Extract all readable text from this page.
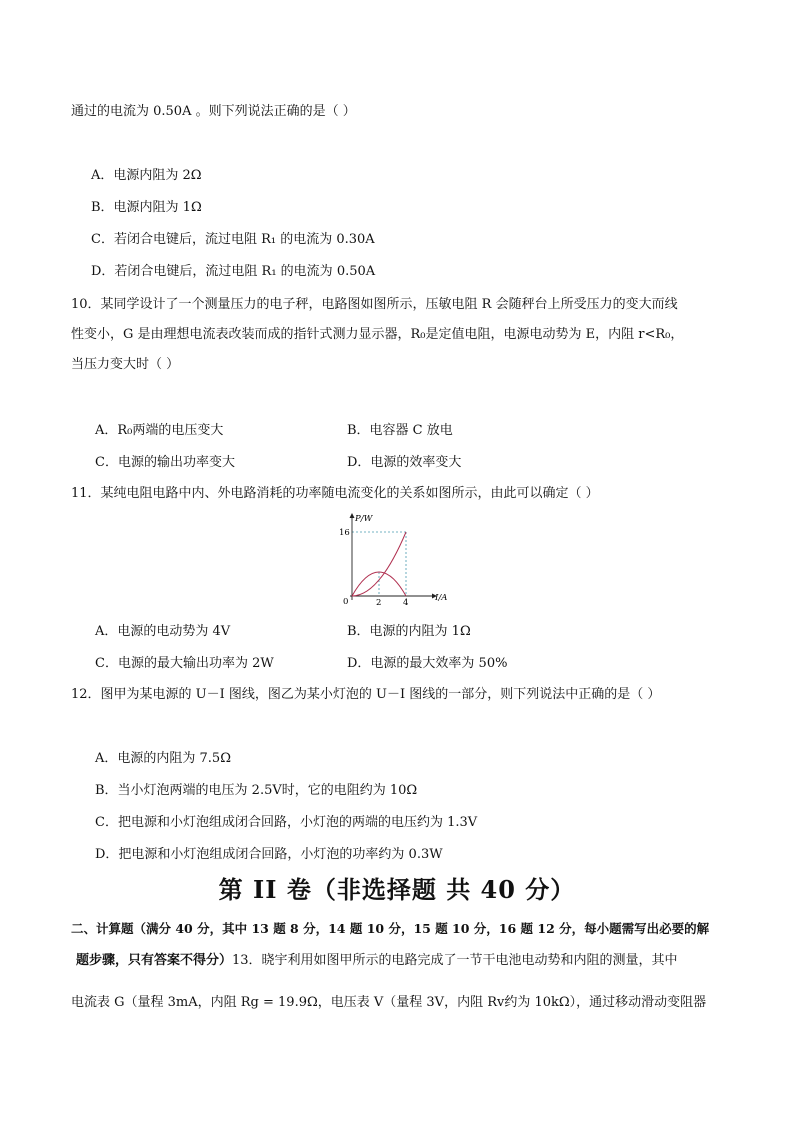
通过的电流为 0.50A 。则下列说法正确的是（ ）
A．电源内阻为 2Ω
B．电源内阻为 1Ω
C．若闭合电键后，流过电阻 R₁ 的电流为 0.30A
D．若闭合电键后，流过电阻 R₁ 的电流为 0.50A
10．某同学设计了一个测量压力的电子秤，电路图如图所示，压敏电阻 R 会随秤台上所受压力的变大而线
性变小，G 是由理想电流表改装而成的指针式测力显示器，R₀是定值电阻，电源电动势为 E，内阻 r<R₀，
当压力变大时（ ）
A．R₀两端的电压变大	B．电容器 C 放电
C．电源的输出功率变大	D．电源的效率变大
11．某纯电阻电路中内、外电路消耗的功率随电流变化的关系如图所示，由此可以确定（ ）
P/W
I/A
0
16
2	4
A．电源的电动势为 4V	B．电源的内阻为 1Ω
C．电源的最大输出功率为 2W	D．电源的最大效率为 50%
12．图甲为某电源的 U－I 图线，图乙为某小灯泡的 U－I 图线的一部分，则下列说法中正确的是（ ）
A．电源的内阻为 7.5Ω
B．当小灯泡两端的电压为 2.5V时，它的电阻约为 10Ω
C．把电源和小灯泡组成闭合回路，小灯泡的两端的电压约为 1.3V
D．把电源和小灯泡组成闭合回路，小灯泡的功率约为 0.3W
第 II 卷（非选择题 共 40 分）
二、计算题（满分 40 分，其中 13 题 8 分，14 题 10 分，15 题 10 分，16 题 12 分，每小题需写出必要的解
题步骤，只有答案不得分）13．晓宇利用如图甲所示的电路完成了一节干电池电动势和内阻的测量，其中
电流表 G（量程 3mA，内阻 Rg = 19.9Ω，电压表 V（量程 3V，内阻 Rv约为 10kΩ），通过移动滑动变阻器
